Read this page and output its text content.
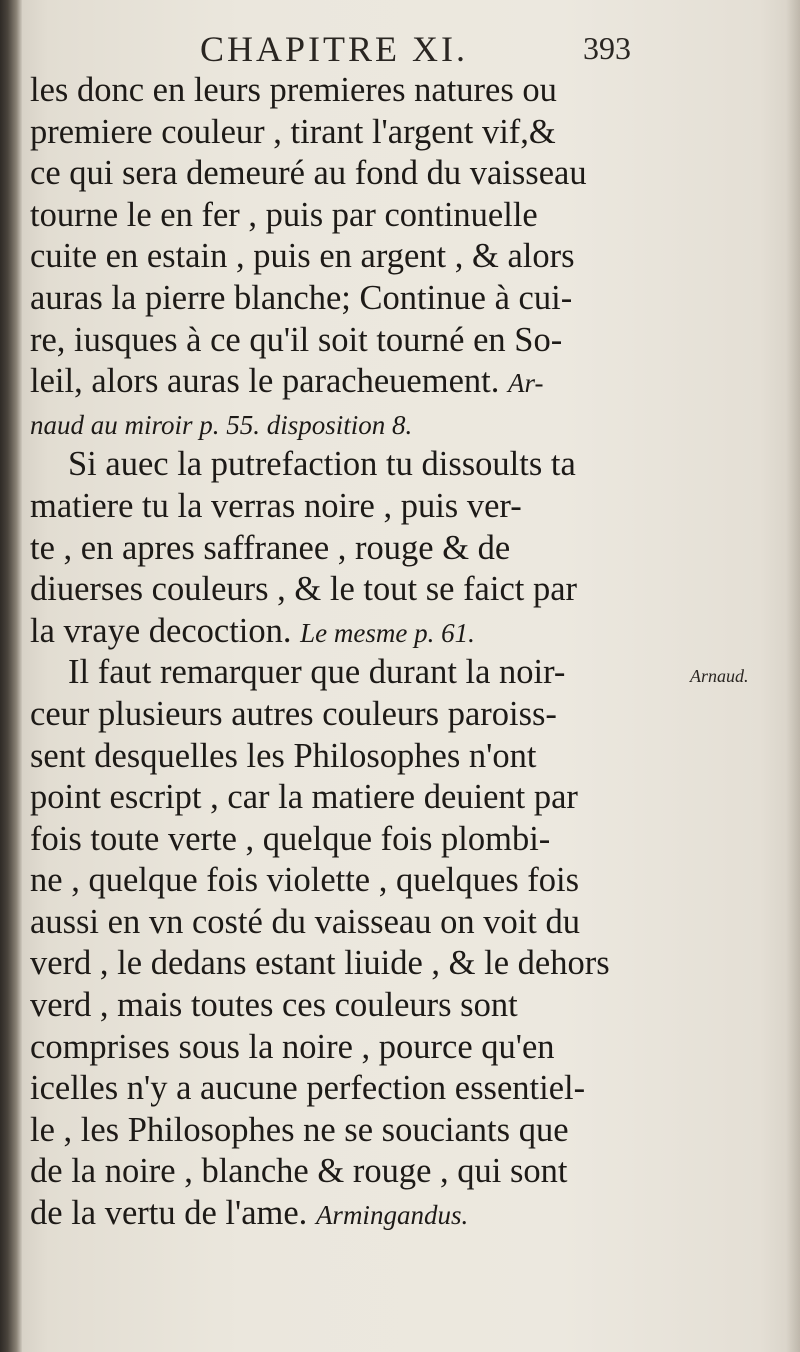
CHAPITRE XI.	393
les donc en leurs premieres natures ou
premiere couleur , tirant l'argent vif,&
ce qui sera demeuré au fond du vaisseau
tourne le en fer , puis par continuelle
cuite en estain , puis en argent , & alors
auras la pierre blanche; Continue à cui-
re, iusques à ce qu'il soit tourné en So-
leil, alors auras le paracheuement. Ar-
naud au miroir p. 55. disposition 8.
Si auec la putrefaction tu dissoults ta
matiere tu la verras noire , puis ver-
te , en apres saffranee , rouge & de
diuerses couleurs , & le tout se faict par
la vraye decoction. Le mesme p. 61.
Il faut remarquer que durant la noir-
ceur plusieurs autres couleurs paroiss-
sent desquelles les Philosophes n'ont
point escript , car la matiere deuient par
fois toute verte , quelque fois plombi-
ne , quelque fois violette , quelques fois
aussi en vn costé du vaisseau on voit du
verd , le dedans estant liuide , & le dehors
verd , mais toutes ces couleurs sont
comprises sous la noire , pource qu'en
icelles n'y a aucune perfection essentiel-
le , les Philosophes ne se souciants que
de la noire , blanche & rouge , qui sont
de la vertu de l'ame. Armingandus.
Arnaud.
